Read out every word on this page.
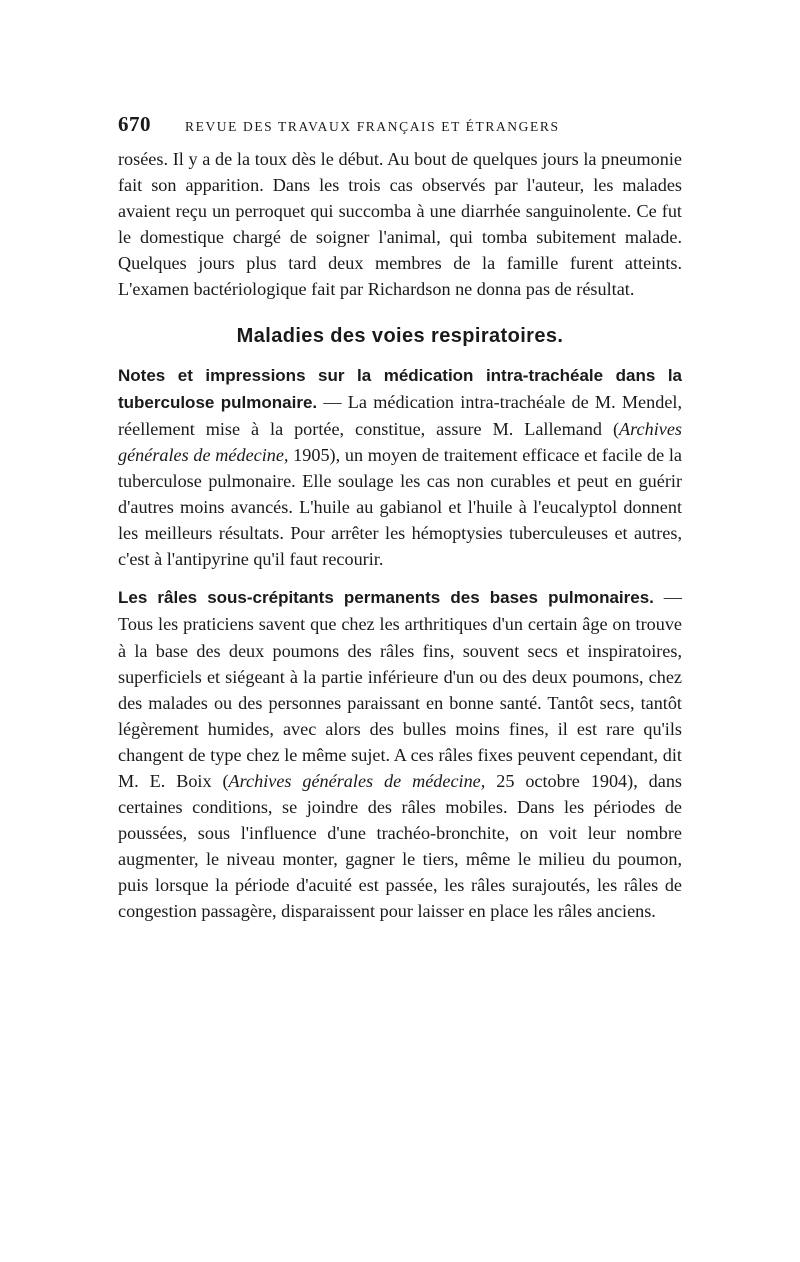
670	REVUE DES TRAVAUX FRANÇAIS ET ÉTRANGERS

rosées. Il y a de la toux dès le début. Au bout de quelques jours la pneumonie fait son apparition. Dans les trois cas observés par l'auteur, les malades avaient reçu un perroquet qui succomba à une diarrhée sanguinolente. Ce fut le domestique chargé de soigner l'animal, qui tomba subitement malade. Quelques jours plus tard deux membres de la famille furent atteints. L'examen bactériologique fait par Richardson ne donna pas de résultat.

Maladies des voies respiratoires.

Notes et impressions sur la médication intra-trachéale dans la tuberculose pulmonaire. — La médication intra-trachéale de M. Mendel, réellement mise à la portée, constitue, assure M. Lallemand (Archives générales de médecine, 1905), un moyen de traitement efficace et facile de la tuberculose pulmonaire. Elle soulage les cas non curables et peut en guérir d'autres moins avancés. L'huile au gabianol et l'huile à l'eucalyptol donnent les meilleurs résultats. Pour arrêter les hémoptysies tuberculeuses et autres, c'est à l'antipyrine qu'il faut recourir.

Les râles sous-crépitants permanents des bases pulmonaires. — Tous les praticiens savent que chez les arthritiques d'un certain âge on trouve à la base des deux poumons des râles fins, souvent secs et inspiratoires, superficiels et siégeant à la partie inférieure d'un ou des deux poumons, chez des malades ou des personnes paraissant en bonne santé. Tantôt secs, tantôt légèrement humides, avec alors des bulles moins fines, il est rare qu'ils changent de type chez le même sujet. A ces râles fixes peuvent cependant, dit M. E. Boix (Archives générales de médecine, 25 octobre 1904), dans certaines conditions, se joindre des râles mobiles. Dans les périodes de poussées, sous l'influence d'une trachéo-bronchite, on voit leur nombre augmenter, le niveau monter, gagner le tiers, même le milieu du poumon, puis lorsque la période d'acuité est passée, les râles surajoutés, les râles de congestion passagère, disparaissent pour laisser en place les râles anciens.
